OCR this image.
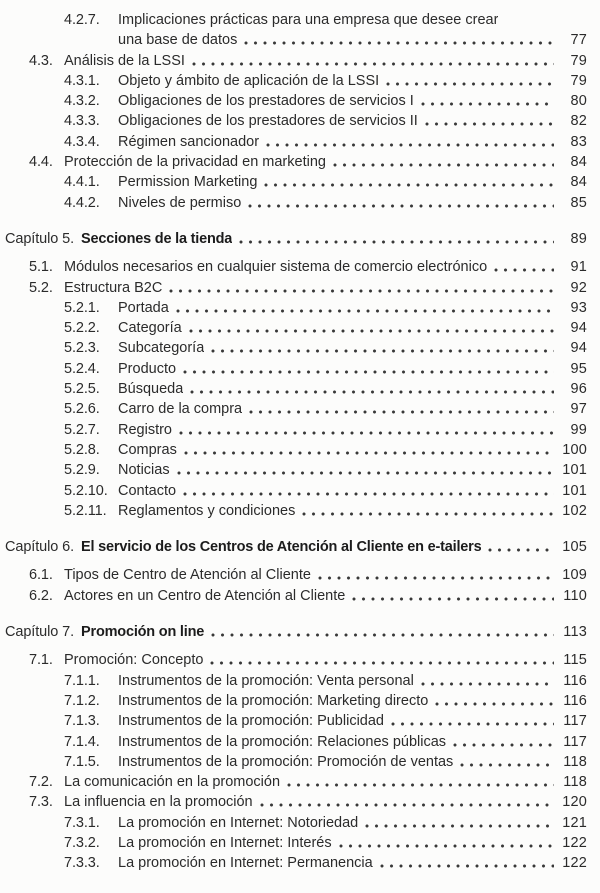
4.2.7.	Implicaciones prácticas para una empresa que desee crear
una base de datos	77
4.3. Análisis de la LSSI	79
4.3.1.	Objeto y ámbito de aplicación de la LSSI	79
4.3.2.	Obligaciones de los prestadores de servicios I	80
4.3.3.	Obligaciones de los prestadores de servicios II	82
4.3.4.	Régimen sancionador	83
4.4. Protección de la privacidad en marketing	84
4.4.1.	Permission Marketing	84
4.4.2.	Niveles de permiso	85
Capítulo 5. Secciones de la tienda	89
5.1. Módulos necesarios en cualquier sistema de comercio electrónico	91
5.2. Estructura B2C	92
5.2.1.	Portada	93
5.2.2.	Categoría	94
5.2.3.	Subcategoría	94
5.2.4.	Producto	95
5.2.5.	Búsqueda	96
5.2.6.	Carro de la compra	97
5.2.7.	Registro	99
5.2.8.	Compras	100
5.2.9.	Noticias	101
5.2.10. Contacto	101
5.2.11. Reglamentos y condiciones	102
Capítulo 6. El servicio de los Centros de Atención al Cliente en e-tailers	105
6.1. Tipos de Centro de Atención al Cliente	109
6.2. Actores en un Centro de Atención al Cliente	110
Capítulo 7. Promoción on line	113
7.1. Promoción: Concepto	115
7.1.1.	Instrumentos de la promoción: Venta personal	116
7.1.2.	Instrumentos de la promoción: Marketing directo	116
7.1.3.	Instrumentos de la promoción: Publicidad	117
7.1.4.	Instrumentos de la promoción: Relaciones públicas	117
7.1.5.	Instrumentos de la promoción: Promoción de ventas	118
7.2. La comunicación en la promoción	118
7.3. La influencia en la promoción	120
7.3.1.	La promoción en Internet: Notoriedad	121
7.3.2.	La promoción en Internet: Interés	122
7.3.3.	La promoción en Internet: Permanencia	122
